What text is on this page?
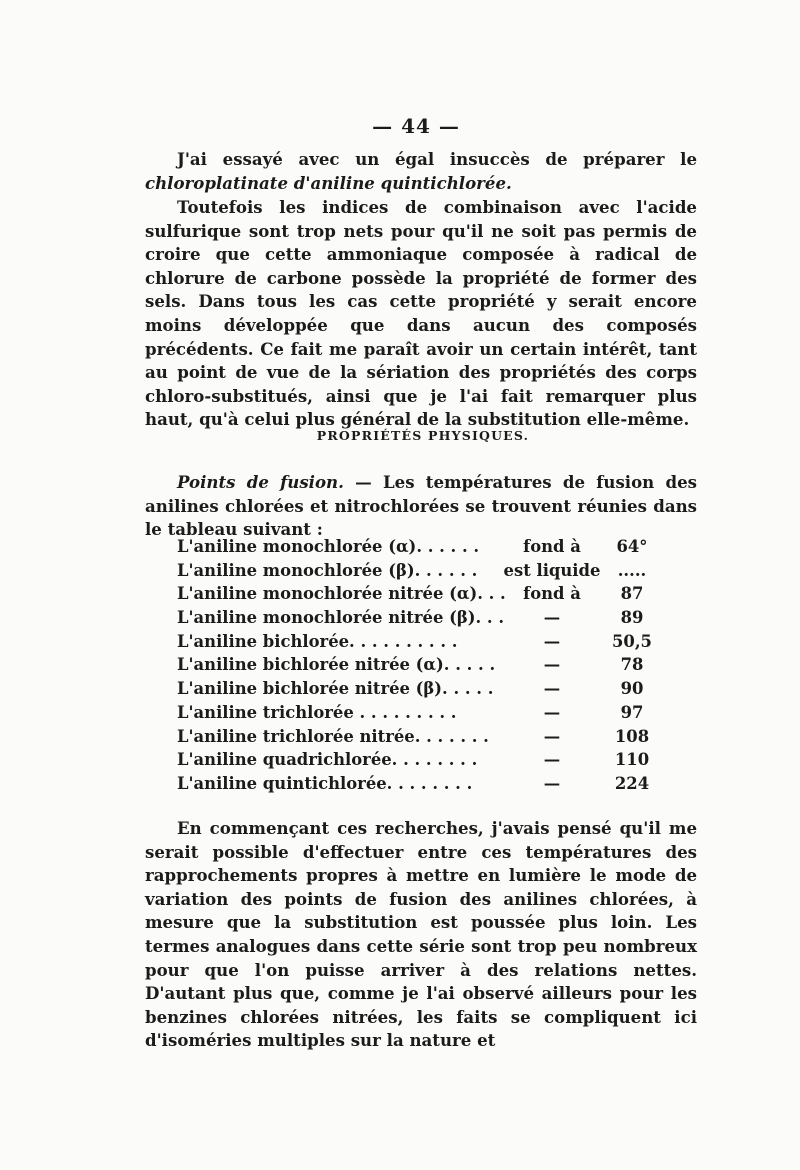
— 44 —

J'ai essayé avec un égal insuccès de préparer le chloroplatinate d'aniline quintichlorée.

Toutefois les indices de combinaison avec l'acide sulfurique sont trop nets pour qu'il ne soit pas permis de croire que cette ammoniaque composée à radical de chlorure de carbone possède la propriété de former des sels. Dans tous les cas cette propriété y serait encore moins développée que dans aucun des composés précédents. Ce fait me paraît avoir un certain intérêt, tant au point de vue de la sériation des propriétés des corps chloro-substitués, ainsi que je l'ai fait remarquer plus haut, qu'à celui plus général de la substitution elle-même.

PROPRIÉTÉS PHYSIQUES.

Points de fusion. — Les températures de fusion des anilines chlorées et nitrochlorées se trouvent réunies dans le tableau suivant :

L'aniline monochlorée (α). . . . . .	fond à	64°
L'aniline monochlorée (β). . . . . .	est liquide	.....
L'aniline monochlorée nitrée (α). . .	fond à	87
L'aniline monochlorée nitrée (β). . .	—	89
L'aniline bichlorée. . . . . . . . . .	—	50,5
L'aniline bichlorée nitrée (α). . . . .	—	78
L'aniline bichlorée nitrée (β). . . . .	—	90
L'aniline trichlorée . . . . . . . . .	—	97
L'aniline trichlorée nitrée. . . . . . .	—	108
L'aniline quadrichlorée. . . . . . . .	—	110
L'aniline quintichlorée. . . . . . . .	—	224

En commençant ces recherches, j'avais pensé qu'il me serait possible d'effectuer entre ces températures des rapprochements propres à mettre en lumière le mode de variation des points de fusion des anilines chlorées, à mesure que la substitution est poussée plus loin. Les termes analogues dans cette série sont trop peu nombreux pour que l'on puisse arriver à des relations nettes. D'autant plus que, comme je l'ai observé ailleurs pour les benzines chlorées nitrées, les faits se compliquent ici d'isoméries multiples sur la nature et
